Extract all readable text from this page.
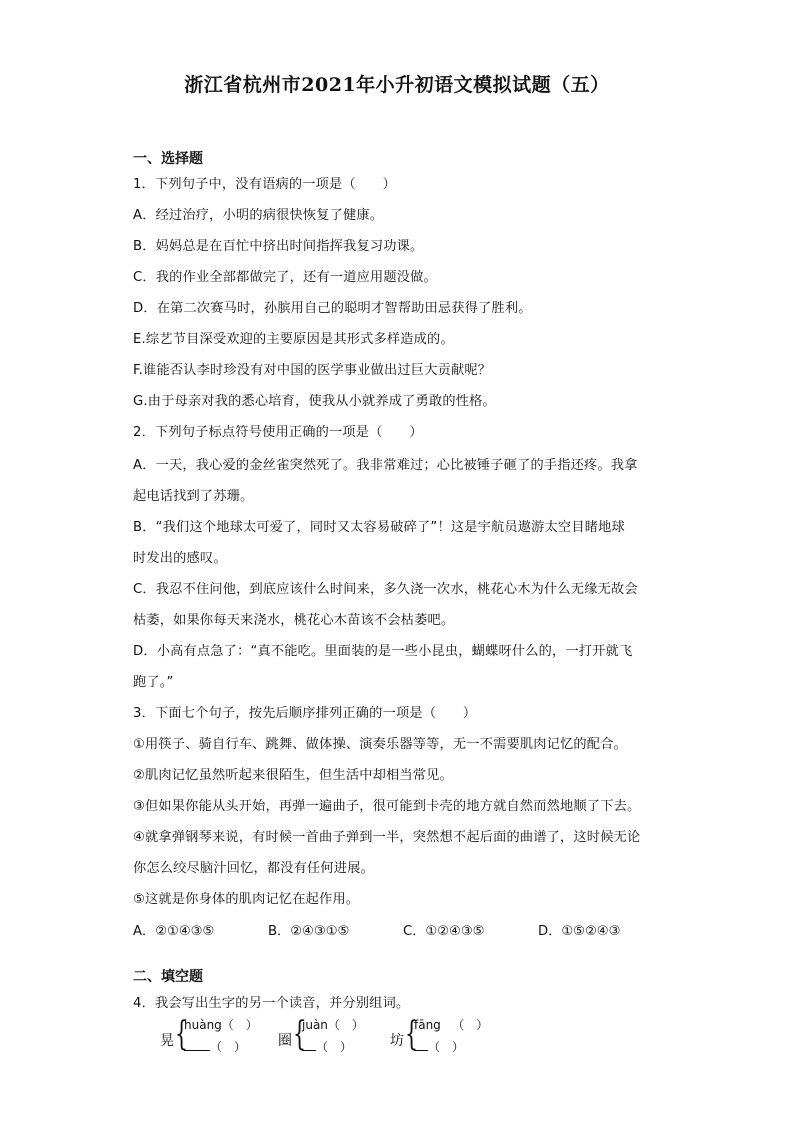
浙江省杭州市2021年小升初语文模拟试题（五）
一、选择题
1．下列句子中，没有语病的一项是（　　）
A．经过治疗，小明的病很快恢复了健康。
B．妈妈总是在百忙中挤出时间指挥我复习功课。
C．我的作业全部都做完了，还有一道应用题没做。
D．在第二次赛马时，孙膑用自己的聪明才智帮助田忌获得了胜利。
E.综艺节目深受欢迎的主要原因是其形式多样造成的。
F.谁能否认李时珍没有对中国的医学事业做出过巨大贡献呢？
G.由于母亲对我的悉心培育，使我从小就养成了勇敢的性格。
2．下列句子标点符号使用正确的一项是（　　）
A．一天，我心爱的金丝雀突然死了。我非常难过；心比被锤子砸了的手指还疼。我拿
起电话找到了苏珊。
B．“我们这个地球太可爱了，同时又太容易破碎了”！这是宇航员遨游太空目睹地球
时发出的感叹。
C．我忍不住问他，到底应该什么时间来，多久浇一次水，桃花心木为什么无缘无故会
枯萎，如果你每天来浇水，桃花心木苗该不会枯萎吧。
D．小高有点急了：“真不能吃。里面装的是一些小昆虫，蝴蝶呀什么的，一打开就飞
跑了。”
3．下面七个句子，按先后顺序排列正确的一项是（　　）
①用筷子、骑自行车、跳舞、做体操、演奏乐器等等，无一不需要肌肉记忆的配合。
②肌肉记忆虽然听起来很陌生，但生活中却相当常见。
③但如果你能从头开始，再弹一遍曲子，很可能到卡壳的地方就自然而然地顺了下去。
④就拿弹钢琴来说，有时候一首曲子弹到一半，突然想不起后面的曲谱了，这时候无论
你怎么绞尽脑汁回忆，都没有任何进展。
⑤这就是你身体的肌肉记忆在起作用。
A．②①④③⑤	B．②④③①⑤	C．①②④③⑤	D．①⑤②④③
二、填空题
4．我会写出生字的另一个读音，并分别组词。
晃 {
huàng（　）
（　） 圈 {
juàn（　）
（　）	坊 {
fāng （　）
（　）
